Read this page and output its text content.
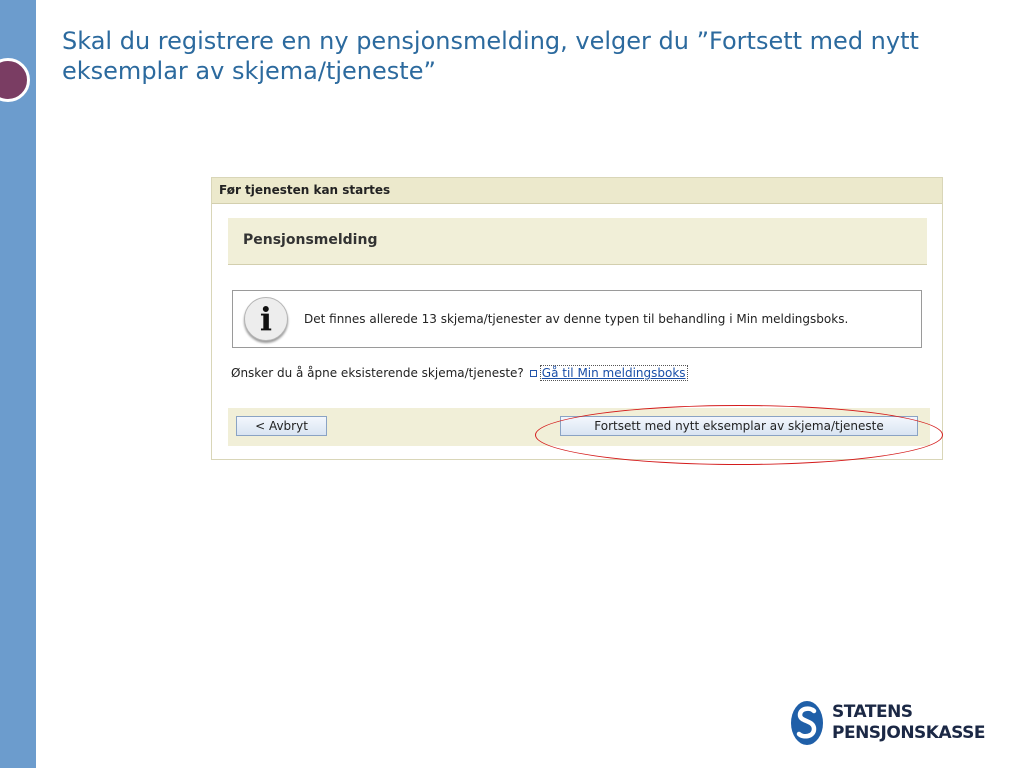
Skal du registrere en ny pensjonsmelding, velger du ”Fortsett med nytt eksemplar av skjema/tjeneste”
Før tjenesten kan startes
Pensjonsmelding
i	Det finnes allerede 13 skjema/tjenester av denne typen til behandling i Min meldingsboks.
Ønsker du å åpne eksisterende skjema/tjeneste? Gå til Min meldingsboks
< Avbryt	Fortsett med nytt eksemplar av skjema/tjeneste
STATENS
PENSJONSKASSE
